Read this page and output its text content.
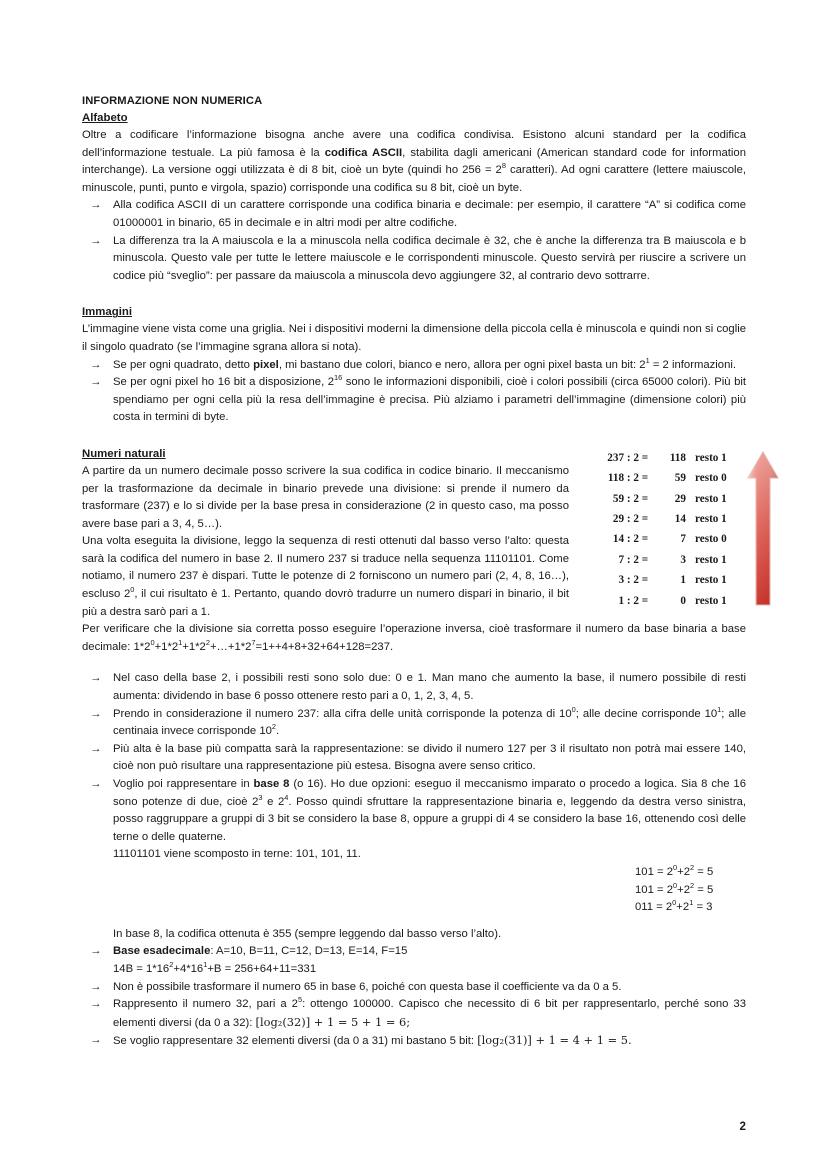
INFORMAZIONE NON NUMERICA
Alfabeto

Oltre a codificare l’informazione bisogna anche avere una codifica condivisa. Esistono alcuni standard per la codifica dell’informazione testuale. La più famosa è la codifica ASCII, stabilita dagli americani (American standard code for information interchange). La versione oggi utilizzata è di 8 bit, cioè un byte (quindi ho $256 = 2^8$ caratteri). Ad ogni carattere (lettere maiuscole, minuscole, punti, punto e virgola, spazio) corrisponde una codifica su 8 bit, cioè un byte.

→ Alla codifica ASCII di un carattere corrisponde una codifica binaria e decimale: per esempio, il carattere “A” si codifica come 01000001 in binario, 65 in decimale e in altri modi per altre codifiche.
→ La differenza tra la A maiuscola e la a minuscola nella codifica decimale è 32, che è anche la differenza tra B maiuscola e b minuscola. Questo vale per tutte le lettere maiuscole e le corrispondenti minuscole. Questo servirà per riuscire a scrivere un codice più “sveglio”: per passare da maiuscola a minuscola devo aggiungere 32, al contrario devo sottrarre.
Immagini

L’immagine viene vista come una griglia. Nei i dispositivi moderni la dimensione della piccola cella è minuscola e quindi non si coglie il singolo quadrato (se l’immagine sgrana allora si nota).

→ Se per ogni quadrato, detto pixel, mi bastano due colori, bianco e nero, allora per ogni pixel basta un bit: $2^1 = 2$ informazioni.
→ Se per ogni pixel ho 16 bit a disposizione, $2^{16}$ sono le informazioni disponibili, cioè i colori possibili (circa 65000 colori). Più bit spendiamo per ogni cella più la resa dell’immagine è precisa. Più alziamo i parametri dell’immagine (dimensione colori) più costa in termini di byte.
Numeri naturali

A partire da un numero decimale posso scrivere la sua codifica in codice binario. Il meccanismo per la trasformazione da decimale in binario prevede una divisione: si prende il numero da trasformare (237) e lo si divide per la base presa in considerazione (2 in questo caso, ma posso avere base pari a 3, 4, 5…).

Una volta eseguita la divisione, leggo la sequenza di resti ottenuti dal basso verso l’alto: questa sarà la codifica del numero in base 2. Il numero 237 si traduce nella sequenza 11101101. Come notiamo, il numero 237 è dispari. Tutte le potenze di 2 forniscono un numero pari (2, 4, 8, 16…), escluso $2^0$, il cui risultato è 1. Pertanto, quando dovrò tradurre un numero dispari in binario, il bit più a destra sarò pari a 1.

237 : 2 =	118	resto 1
118 : 2 =	59	resto 0
59 : 2 =	29	resto 1
29 : 2 =	14	resto 1
14 : 2 =	7	resto 0
7 : 2 =	3	resto 1
3 : 2 =	1	resto 1
1 : 2 =	0	resto 1

Per verificare che la divisione sia corretta posso eseguire l’operazione inversa, cioè trasformare il numero da base binaria a base decimale: $1*2^0+1*2^1+1*2^2+\dots+1*2^7=1++4+8+32+64+128=237$.

→ Nel caso della base 2, i possibili resti sono solo due: 0 e 1. Man mano che aumento la base, il numero possibile di resti aumenta: dividendo in base 6 posso ottenere resto pari a 0, 1, 2, 3, 4, 5.
→ Prendo in considerazione il numero 237: alla cifra delle unità corrisponde la potenza di $10^0$; alle decine corrisponde $10^1$; alle centinaia invece corrisponde $10^2$.
→ Più alta è la base più compatta sarà la rappresentazione: se divido il numero 127 per 3 il risultato non potrà mai essere 140, cioè non può risultare una rappresentazione più estesa. Bisogna avere senso critico.
→ Voglio poi rappresentare in base 8 (o 16). Ho due opzioni: eseguo il meccanismo imparato o procedo a logica. Sia 8 che 16 sono potenze di due, cioè $2^3$ e $2^4$. Posso quindi sfruttare la rappresentazione binaria e, leggendo da destra verso sinistra, posso raggruppare a gruppi di 3 bit se considero la base 8, oppure a gruppi di 4 se considero la base 16, ottenendo così delle terne o delle quaterne.
11101101 viene scomposto in terne: 101, 101, 11.
$101 = 2^0+2^2 = 5$
$101 = 2^0+2^2 = 5$
$011 = 2^0+2^1 = 3$
In base 8, la codifica ottenuta è 355 (sempre leggendo dal basso verso l’alto).
→ Base esadecimale: A=10, B=11, C=12, D=13, E=14, F=15
$14B = 1*16^2+4*16^1+B = 256+64+11=331$
→ Non è possibile trasformare il numero 65 in base 6, poiché con questa base il coefficiente va da 0 a 5.
→ Rappresento il numero 32, pari a $2^5$: ottengo 100000. Capisco che necessito di 6 bit per rappresentarlo, perché sono 33 elementi diversi (da 0 a 32): [log₂(32)] + 1 = 5 + 1 = 6;
→ Se voglio rappresentare 32 elementi diversi (da 0 a 31) mi bastano 5 bit: [log₂(31)] + 1 = 4 + 1 = 5.
2
